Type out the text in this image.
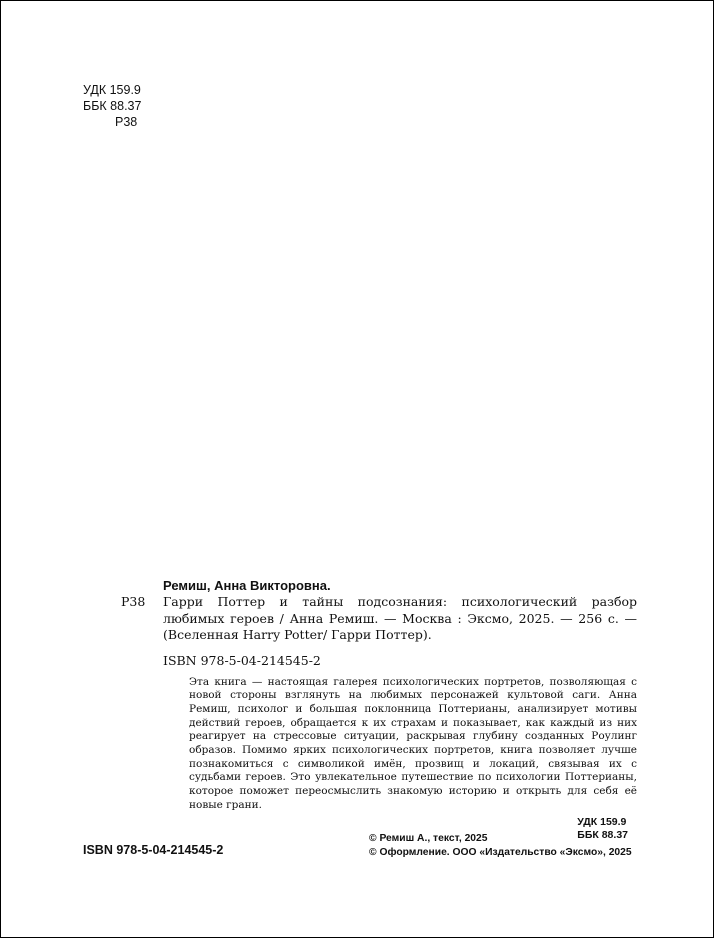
УДК 159.9
ББК 88.37
Р38
Р38
Ремиш, Анна Викторовна.
Гарри Поттер и тайны подсознания: психологический разбор любимых героев / Анна Ремиш. — Москва : Эксмо, 2025. — 256 с. — (Вселенная Harry Potter/ Гарри Поттер).
ISBN 978-5-04-214545-2
Эта книга — настоящая галерея психологических портретов, позволяющая с новой стороны взглянуть на любимых персонажей культовой саги. Анна Ремиш, психолог и большая поклонница Поттерианы, анализирует мотивы действий героев, обращается к их страхам и показывает, как каждый из них реагирует на стрессовые ситуации, раскрывая глубину созданных Роулинг образов. Помимо ярких психологических портретов, книга позволяет лучше познакомиться с символикой имён, прозвищ и локаций, связывая их с судьбами героев. Это увлекательное путешествие по психологии Поттерианы, которое поможет переосмыслить знакомую историю и открыть для себя её новые грани.
УДК 159.9
ББК 88.37
ISBN 978-5-04-214545-2
© Ремиш А., текст, 2025
© Оформление. ООО «Издательство «Эксмо», 2025
